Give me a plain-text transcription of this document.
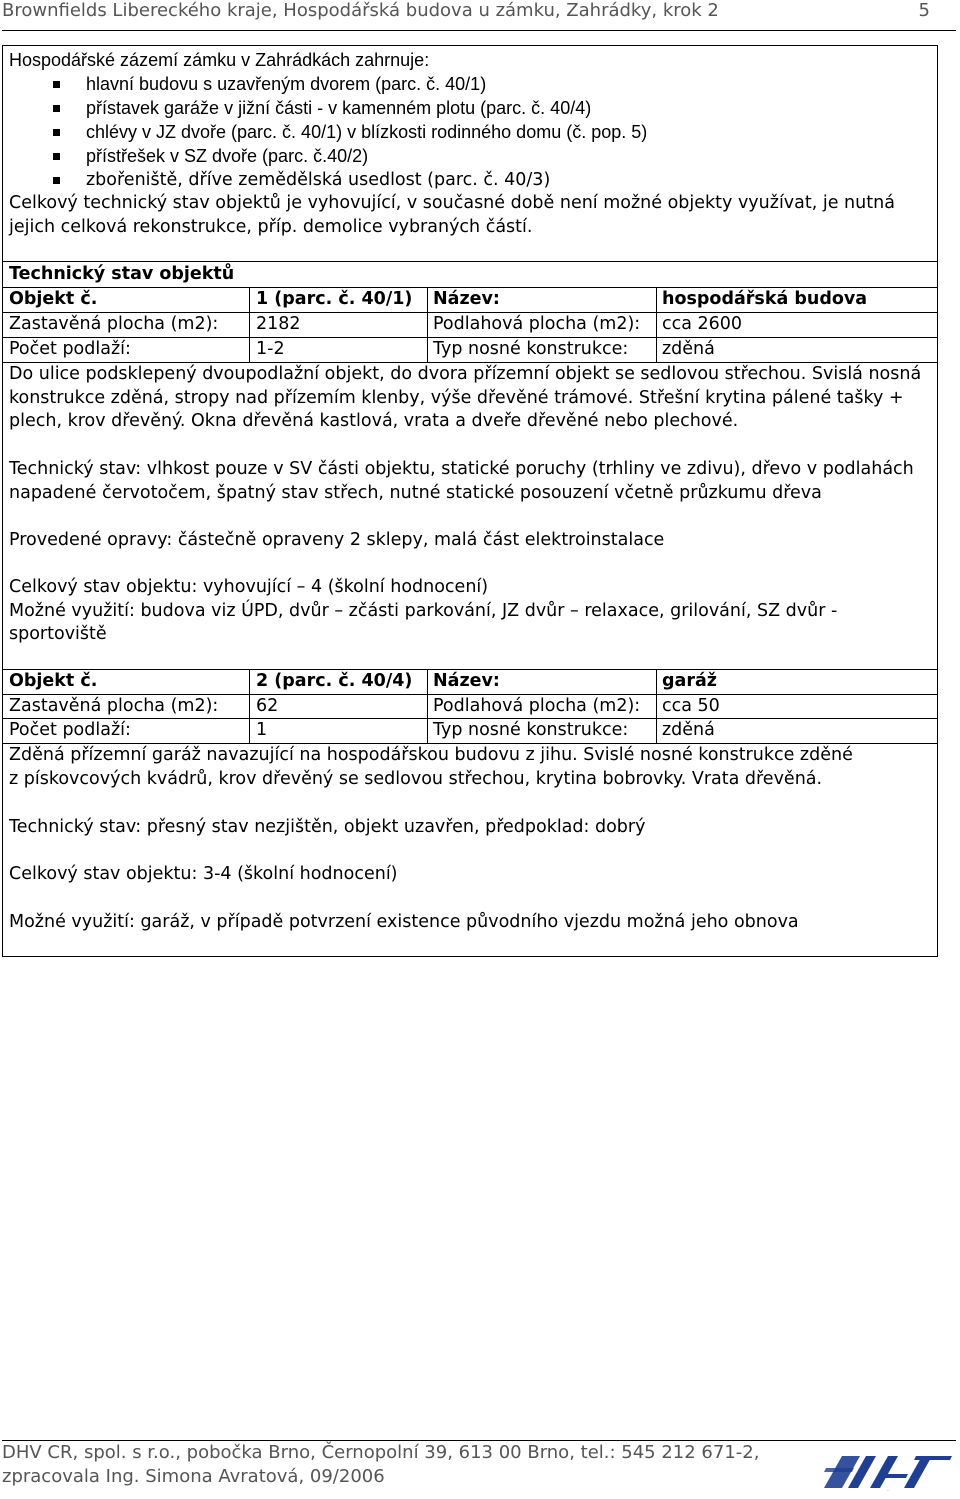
Brownfields Libereckého kraje, Hospodářská budova u zámku, Zahrádky, krok 2	5
Hospodářské zázemí zámku v Zahrádkách zahrnuje:
hlavní budovu s uzavřeným dvorem (parc. č. 40/1)
přístavek garáže v jižní části - v kamenném plotu (parc. č. 40/4)
chlévy v JZ dvoře (parc. č. 40/1) v blízkosti rodinného domu (č. pop. 5)
přístřešek v SZ dvoře (parc. č.40/2)
zbořeniště, dříve zemědělská usedlost (parc. č. 40/3)
Celkový technický stav objektů je vyhovující, v současné době není možné objekty využívat, je nutná
jejich celková rekonstrukce, příp. demolice vybraných částí.
Technický stav objektů
Objekt č.	1 (parc. č. 40/1) Název:	hospodářská budova
Zastavěná plocha (m2): 2182	Podlahová plocha (m2): cca 2600
Počet podlaží:	1-2	Typ nosné konstrukce: zděná
Do ulice podsklepený dvoupodlažní objekt, do dvora přízemní objekt se sedlovou střechou. Svislá nosná
konstrukce zděná, stropy nad přízemím klenby, výše dřevěné trámové. Střešní krytina pálené tašky +
plech, krov dřevěný. Okna dřevěná kastlová, vrata a dveře dřevěné nebo plechové.
Technický stav: vlhkost pouze v SV části objektu, statické poruchy (trhliny ve zdivu), dřevo v podlahách
napadené červotočem, špatný stav střech, nutné statické posouzení včetně průzkumu dřeva
Provedené opravy: částečně opraveny 2 sklepy, malá část elektroinstalace
Celkový stav objektu: vyhovující – 4 (školní hodnocení)
Možné využití: budova viz ÚPD, dvůr – zčásti parkování, JZ dvůr – relaxace, grilování, SZ dvůr -
sportoviště
Objekt č.	2 (parc. č. 40/4) Název:	garáž
Zastavěná plocha (m2): 62	Podlahová plocha (m2): cca 50
Počet podlaží:	1	Typ nosné konstrukce: zděná
Zděná přízemní garáž navazující na hospodářskou budovu z jihu. Svislé nosné konstrukce zděné
z pískovcových kvádrů, krov dřevěný se sedlovou střechou, krytina bobrovky. Vrata dřevěná.
Technický stav: přesný stav nezjištěn, objekt uzavřen, předpoklad: dobrý
Celkový stav objektu: 3-4 (školní hodnocení)
Možné využití: garáž, v případě potvrzení existence původního vjezdu možná jeho obnova
DHV CR, spol. s r.o., pobočka Brno, Černopolní 39, 613 00 Brno, tel.: 545 212 671-2,
zpracovala Ing. Simona Avratová, 09/2006
DHV
